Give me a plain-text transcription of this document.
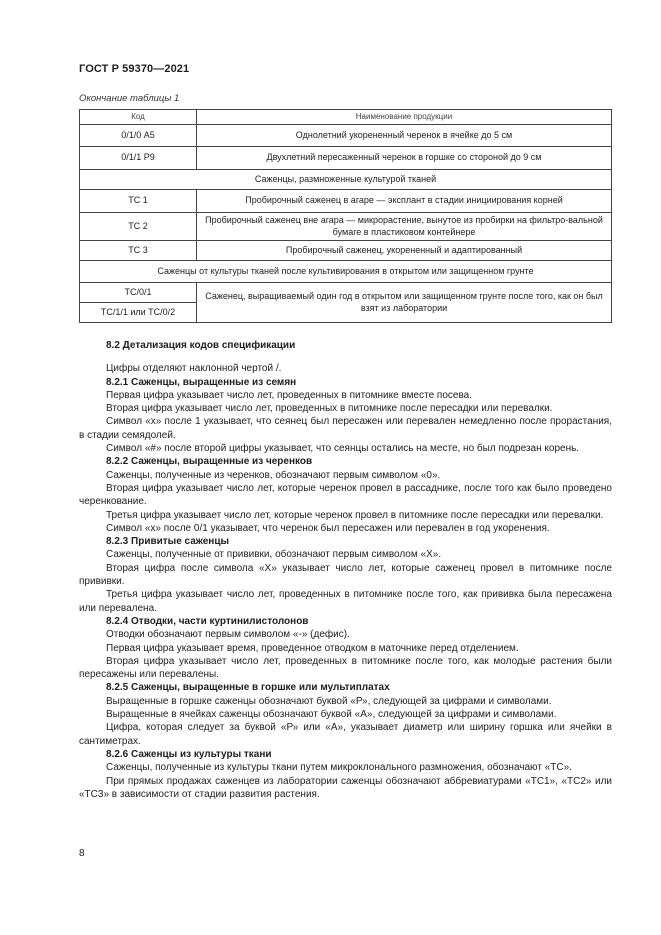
ГОСТ Р 59370—2021
Окончание таблицы 1
Код	Наименование продукции
0/1/0 А5	Однолетний укорененный черенок в ячейке до 5 см
0/1/1 Р9	Двухлетний пересаженный черенок в горшке со стороной до 9 см
Саженцы, размноженные культурой тканей	
ТС 1	Пробирочный саженец в агаре — эксплант в стадии инициирования корней
ТС 2	Пробирочный саженец вне агара — микрорастение, вынутое из пробирки на фильтро-вальной бумаге в пластиковом контейнере
ТС 3	Пробирочный саженец, укорененный и адаптированный
Саженцы от культуры тканей после культивирования в открытом или защищенном грунте	
ТС/0/1	Саженец, выращиваемый один год в открытом или защищенном грунте после того, как он был взят из лаборатории
ТС/1/1 или ТС/0/2	

8.2 Детализация кодов спецификации

Цифры отделяют наклонной чертой /.

8.2.1 Саженцы, выращенные из семян

Первая цифра указывает число лет, проведенных в питомнике вместе посева.

Вторая цифра указывает число лет, проведенных в питомнике после пересадки или перевалки.

Символ «х» после 1 указывает, что сеянец был пересажен или перевален немедленно после прорастания, в стадии семядолей.

Символ «#» после второй цифры указывает, что сеянцы остались на месте, но был подрезан корень.

8.2.2 Саженцы, выращенные из черенков

Саженцы, полученные из черенков, обозначают первым символом «0».

Вторая цифра указывает число лет, которые черенок провел в рассаднике, после того как было проведено черенкование.

Третья цифра указывает число лет, которые черенок провел в питомнике после пересадки или перевалки.

Символ «х» после 0/1 указывает, что черенок был пересажен или перевален в год укоренения.

8.2.3 Привитые саженцы

Саженцы, полученные от прививки, обозначают первым символом «Х».

Вторая цифра после символа «Х» указывает число лет, которые саженец провел в питомнике после прививки.

Третья цифра указывает число лет, проведенных в питомнике после того, как прививка была пересажена или перевалена.

8.2.4 Отводки, части куртинилистолонов

Отводки обозначают первым символом «-» (дефис).

Первая цифра указывает время, проведенное отводком в маточнике перед отделением.

Вторая цифра указывает число лет, проведенных в питомнике после того, как молодые растения были пересажены или перевалены.

8.2.5 Саженцы, выращенные в горшке или мультиплатах

Выращенные в горшке саженцы обозначают буквой «Р», следующей за цифрами и символами.

Выращенные в ячейках саженцы обозначают буквой «А», следующей за цифрами и символами.

Цифра, которая следует за буквой «Р» или «А», указывает диаметр или ширину горшка или ячейки в сантиметрах.

8.2.6 Саженцы из культуры ткани

Саженцы, полученные из культуры ткани путем микроклонального размножения, обозначают «ТС».

При прямых продажах саженцев из лаборатории саженцы обозначают аббревиатурами «ТС1», «ТС2» или «ТС3» в зависимости от стадии развития растения.

8
